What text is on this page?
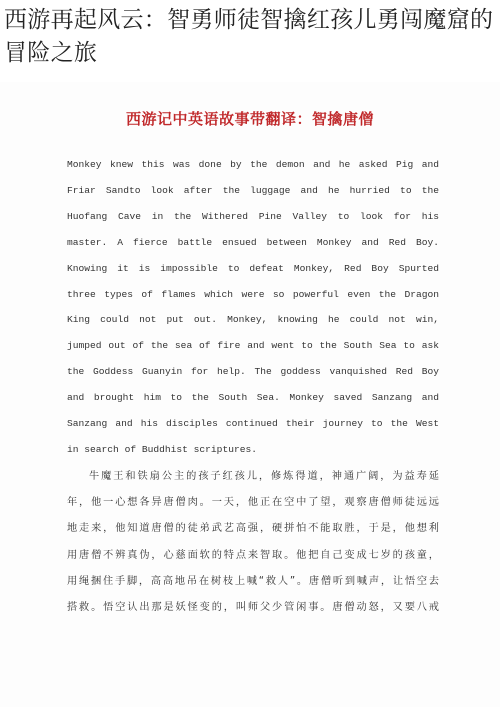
西游再起风云：智勇师徒智擒红孩儿勇闯魔窟的冒险之旅
西游记中英语故事带翻译：智擒唐僧
Monkey knew this was done by the demon and he asked Pig and
Friar Sandto look after the luggage and he hurried to the
Huofang Cave in the Withered Pine Valley to look for his
master. A fierce battle ensued between Monkey and Red Boy.
Knowing it is impossible to defeat Monkey, Red Boy Spurted
three types of flames which were so powerful even the Dragon
King could not put out. Monkey, knowing he could not win,
jumped out of the sea of fire and went to the South Sea to ask
the Goddess Guanyin for help. The goddess vanquished Red Boy
and brought him to the South Sea. Monkey saved Sanzang and
Sanzang and his disciples continued their journey to the West
in search of Buddhist scriptures.
牛魔王和铁扇公主的孩子红孩儿，修炼得道，神通广阔，为益寿延
年，他一心想各异唐僧肉。一天，他正在空中了望，观察唐僧师徒远远
地走来，他知道唐僧的徒弟武艺高强，硬拼怕不能取胜，于是，他想利
用唐僧不辨真伪，心慈面软的特点来智取。他把自己变成七岁的孩童，
用绳捆住手脚，高高地吊在树枝上喊“救人”。唐僧听到喊声，让悟空去
搭救。悟空认出那是妖怪变的，叫师父少管闲事。唐僧动怒，又要八戒
